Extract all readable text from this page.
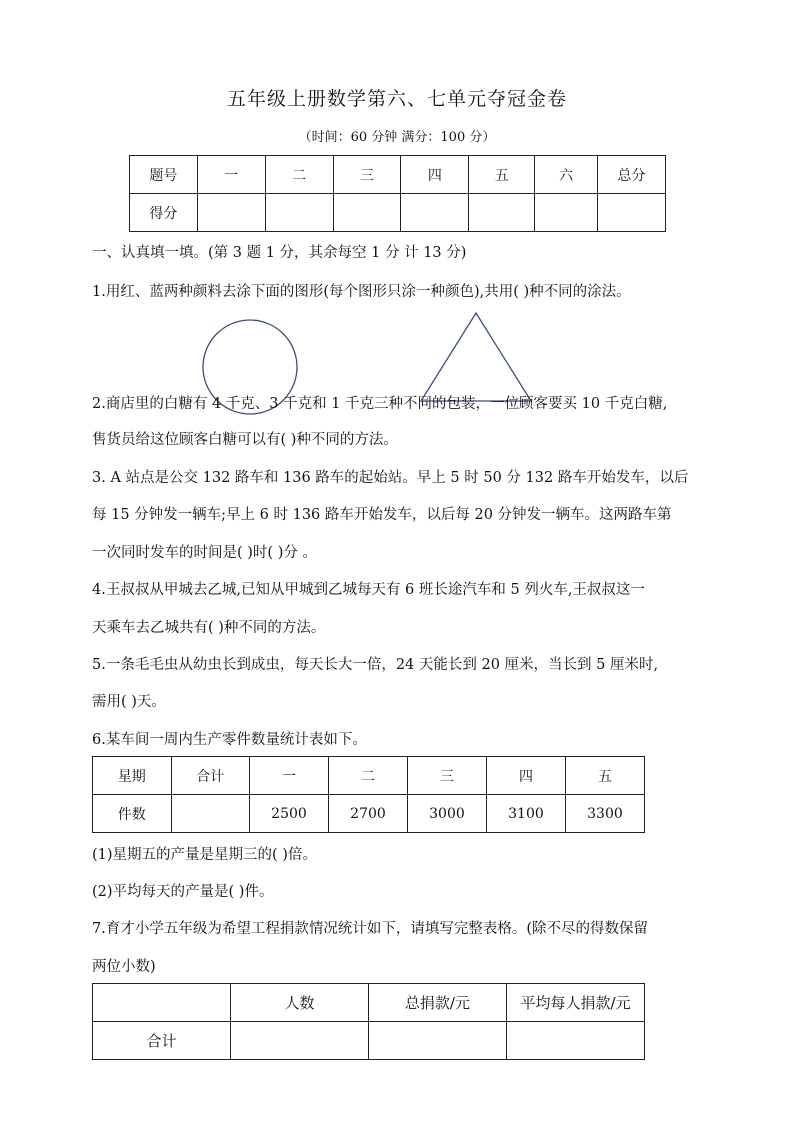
五年级上册数学第六、七单元夺冠金卷
（时间：60 分钟 满分：100 分）
题号	一	二	三	四	五	六	总分
得分							
一、认真填一填。(第 3 题 1 分，其余每空 1 分 计 13 分)
1.用红、蓝两种颜料去涂下面的图形(每个图形只涂一种颜色),共用( )种不同的涂法。
2.商店里的白糖有 4 千克、3 千克和 1 千克三种不同的包装，一位顾客要买 10 千克白糖,
售货员给这位顾客白糖可以有( )种不同的方法。
3. A 站点是公交 132 路车和 136 路车的起始站。早上 5 时 50 分 132 路车开始发车，以后
每 15 分钟发一辆车;早上 6 时 136 路车开始发车，以后每 20 分钟发一辆车。这两路车第
一次同时发车的时间是( )时( )分 。
4.王叔叔从甲城去乙城,已知从甲城到乙城每天有 6 班长途汽车和 5 列火车,王叔叔这一
天乘车去乙城共有( )种不同的方法。
5.一条毛毛虫从幼虫长到成虫，每天长大一倍，24 天能长到 20 厘米，当长到 5 厘米时,
需用( )天。
6.某车间一周内生产零件数量统计表如下。
星期	合计	一	二	三	四	五
件数		2500	2700	3000	3100	3300
(1)星期五的产量是星期三的( )倍。
(2)平均每天的产量是( )件。
7.育才小学五年级为希望工程捐款情况统计如下，请填写完整表格。(除不尽的得数保留
两位小数)
	人数	总捐款/元	平均每人捐款/元
合计			
